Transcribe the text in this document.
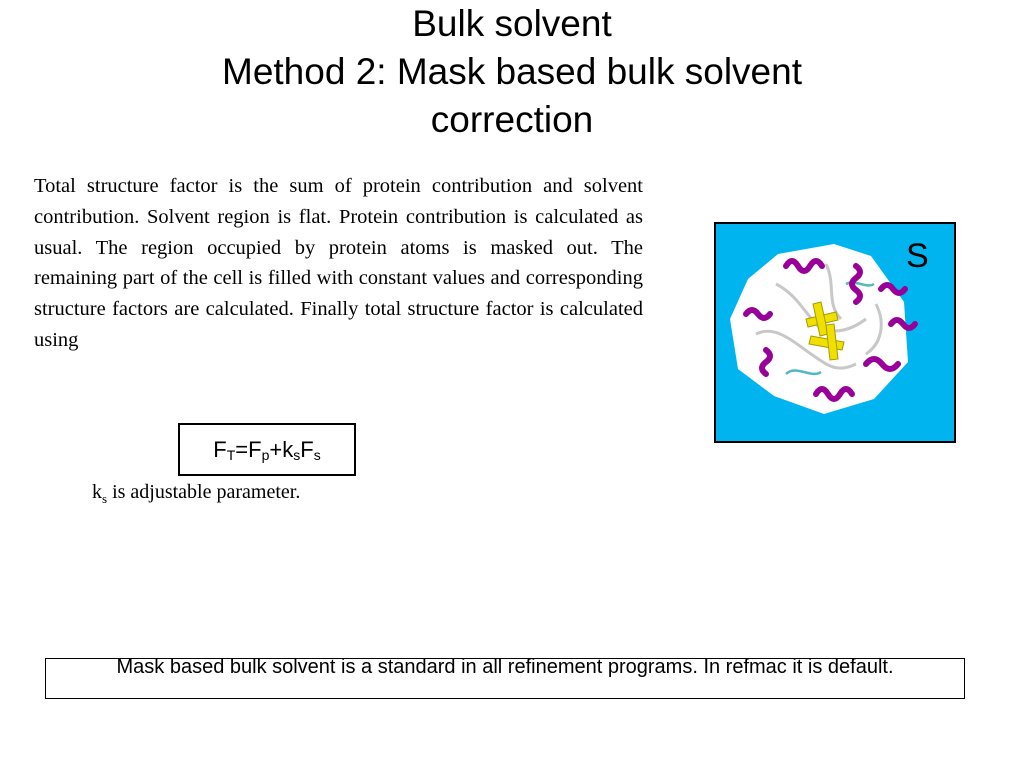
Bulk solvent
Method 2: Mask based bulk solvent
correction
Total structure factor is the sum of protein contribution and solvent contribution. Solvent region is flat. Protein contribution is calculated as usual. The region occupied by protein atoms is masked out. The remaining part of the cell is filled with constant values and corresponding structure factors are calculated. Finally total structure factor is calculated using
$F_T=F_p+k_sF_s$
$k_s$ is adjustable parameter.
S
Mask based bulk solvent is a standard in all refinement programs. In refmac it is default.
